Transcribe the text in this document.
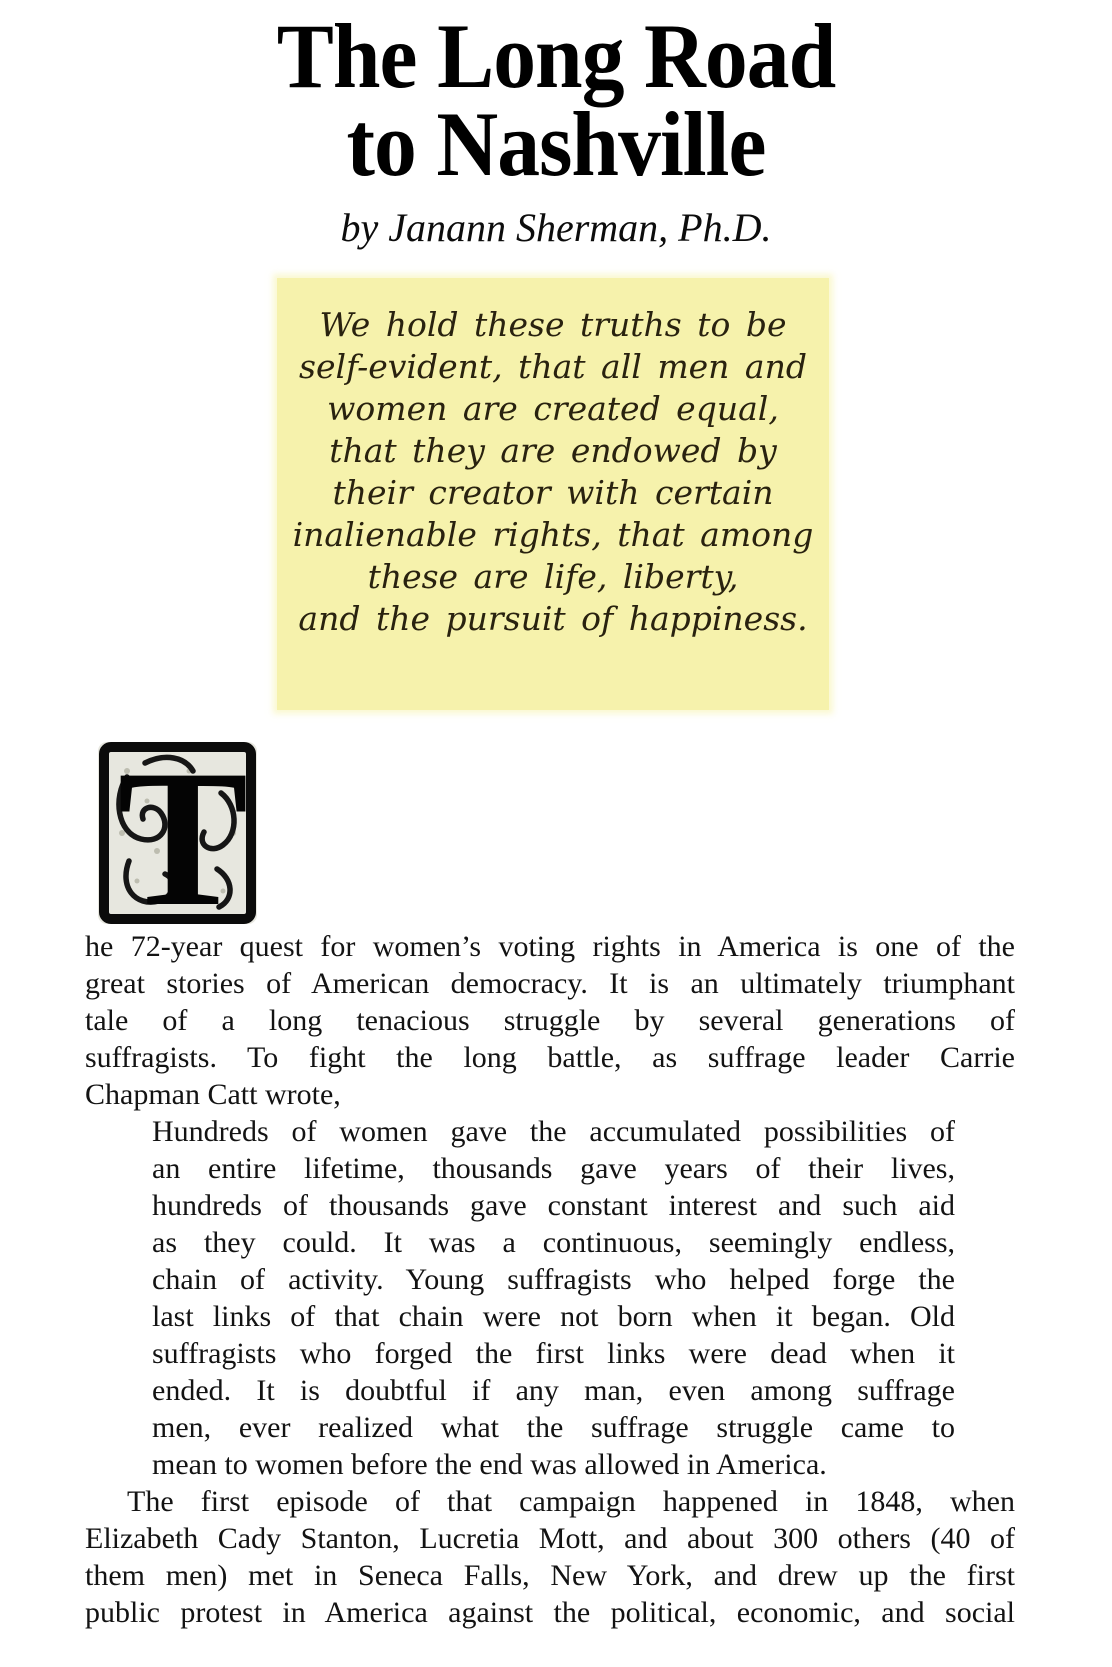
The Long Road
to Nashville
by Janann Sherman, Ph.D.
We hold these truths to be
self-evident, that all men and
women are created equal,
that they are endowed by
their creator with certain
inalienable rights, that among
these are life, liberty,
and the pursuit of happiness.
T
he 72-year quest for women’s voting rights in America is one of the
great stories of American democracy. It is an ultimately triumphant
tale of a long tenacious struggle by several generations of
suffragists. To fight the long battle, as suffrage leader Carrie
Chapman Catt wrote,
Hundreds of women gave the accumulated possibilities of
an entire lifetime, thousands gave years of their lives,
hundreds of thousands gave constant interest and such aid
as they could. It was a continuous, seemingly endless,
chain of activity. Young suffragists who helped forge the
last links of that chain were not born when it began. Old
suffragists who forged the first links were dead when it
ended. It is doubtful if any man, even among suffrage
men, ever realized what the suffrage struggle came to
mean to women before the end was allowed in America.
The first episode of that campaign happened in 1848, when
Elizabeth Cady Stanton, Lucretia Mott, and about 300 others (40 of
them men) met in Seneca Falls, New York, and drew up the first
public protest in America against the political, economic, and social
